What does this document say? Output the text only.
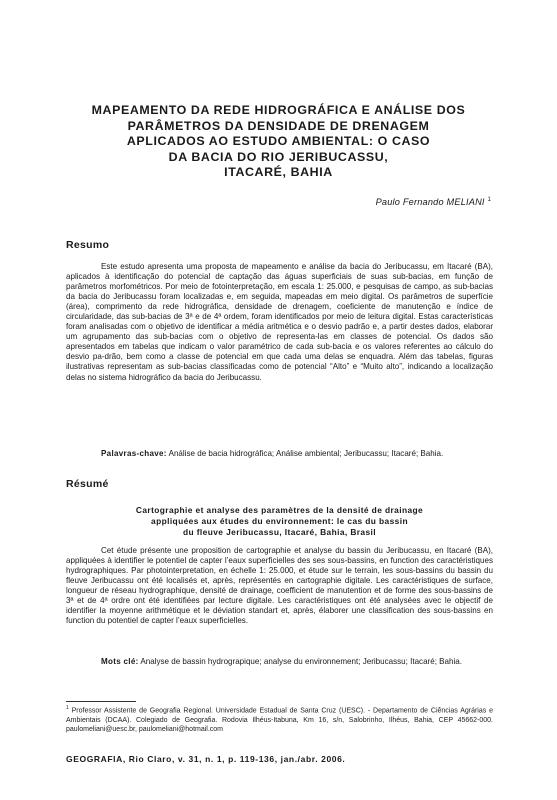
MAPEAMENTO DA REDE HIDROGRÁFICA E ANÁLISE DOS
PARÂMETROS DA DENSIDADE DE DRENAGEM
APLICADOS AO ESTUDO AMBIENTAL: O CASO
DA BACIA DO RIO JERIBUCASSU,
ITACARÉ, BAHIA
Paulo Fernando MELIANI $^1$
Resumo
Este estudo apresenta uma proposta de mapeamento e análise da bacia do Jeribucassu, em Itacaré (BA), aplicados à identificação do potencial de captação das águas superficiais de suas sub-bacias, em função de parâmetros morfométricos. Por meio de fotointerpretação, em escala 1: 25.000, e pesquisas de campo, as sub-bacias da bacia do Jeribucassu foram localizadas e, em seguida, mapeadas em meio digital. Os parâmetros de superfície (área), comprimento da rede hidrográfica, densidade de drenagem, coeficiente de manutenção e índice de circularidade, das sub-bacias de 3ª e de 4ª ordem, foram identificados por meio de leitura digital. Estas características foram analisadas com o objetivo de identificar a média aritmética e o desvio padrão e, a partir destes dados, elaborar um agrupamento das sub-bacias com o objetivo de representa-las em classes de potencial. Os dados são apresentados em tabelas que indicam o valor paramétrico de cada sub-bacia e os valores referentes ao cálculo do desvio pa-drão, bem como a classe de potencial em que cada uma delas se enquadra. Além das tabelas, figuras ilustrativas representam as sub-bacias classificadas como de potencial “Alto” e “Muito alto”, indicando a localização delas no sistema hidrográfico da bacia do Jeribucassu.
Palavras-chave: Análise de bacia hidrográfica; Análise ambiental; Jeribucassu; Itacaré; Bahia.
Résumé
Cartographie et analyse des paramètres de la densité de drainage
appliquées aux études du environnement: le cas du bassin
du fleuve Jeribucassu, Itacaré, Bahia, Brasil
Cet étude présente une proposition de cartographie et analyse du bassin du Jeribucassu, en Itacaré (BA), appliquées à identifier le potentiel de capter l’eaux superficielles des ses sous-bassins, en function des caractéristiques hydrographiques. Par photointerpretation, en échelle 1: 25.000, et étude sur le terrain, les sous-bassins du bassin du fleuve Jeribucassu ont été localisés et, après, représentés en cartographie digitale. Les caractéristiques de surface, longueur de réseau hydrographique, densité de drainage, coefficient de manutention et de forme des sous-bassins de 3ª et de 4ª ordre ont été identifiées par lecture digitale. Les caractéristiques ont été analysées avec le objectif de identifier la moyenne arithmétique et le déviation standart et, après, élaborer une classification des sous-bassins en function du potentiel de capter l’eaux superficielles.
Mots clé: Analyse de bassin hydrograpique; analyse du environnement; Jeribucassu; Itacaré; Bahia.
$^1$ Professor Assistente de Geografia Regional. Universidade Estadual de Santa Cruz (UESC). - Departamento de Ciências Agrárias e Ambientais (DCAA). Colegiado de Geografia. Rodovia Ilhéus-Itabuna, Km 16, s/n, Salobrinho, Ilhéus, Bahia, CEP 45662-000. paulomeliani@uesc.br, paulomeliani@hotmail.com
GEOGRAFIA, Rio Claro, v. 31, n. 1, p. 119-136, jan./abr. 2006.
